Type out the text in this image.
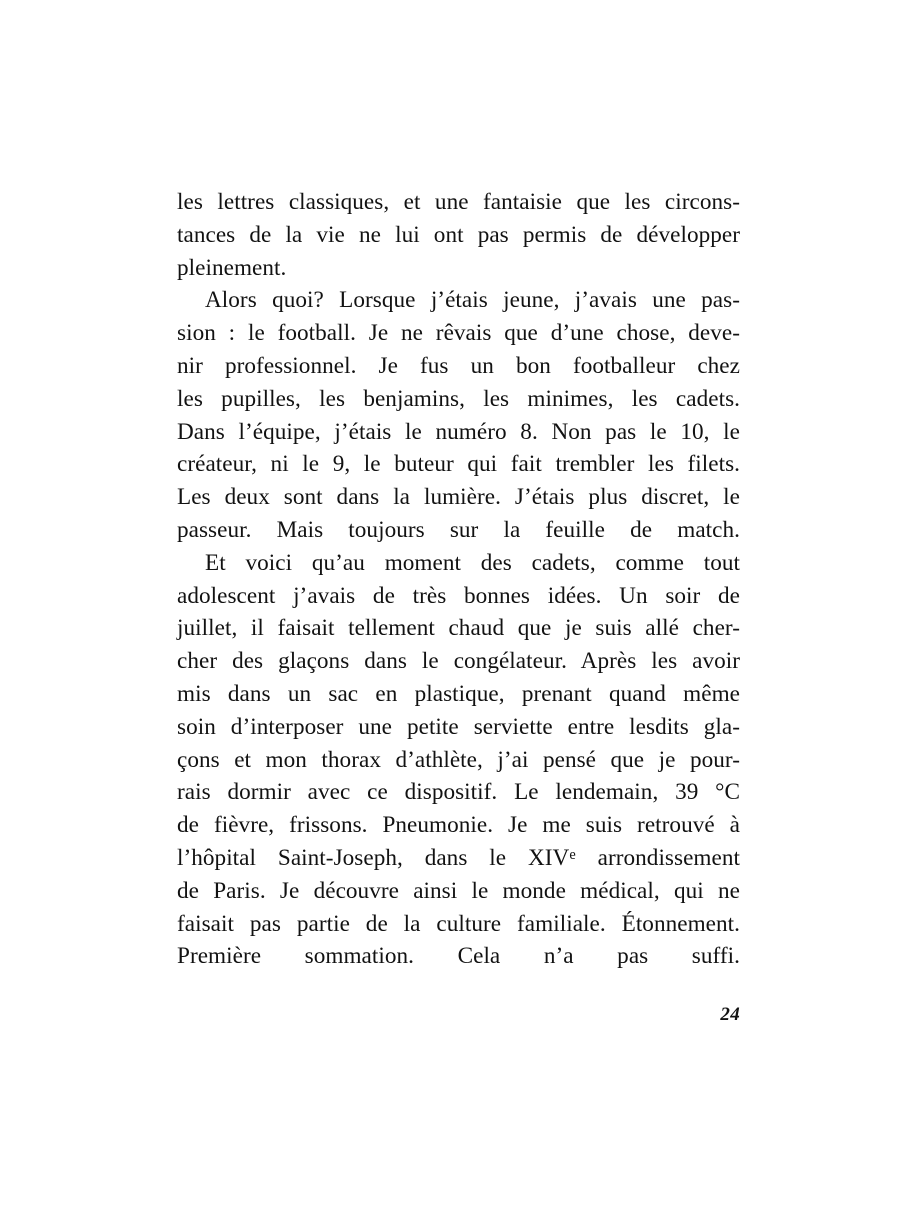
les lettres classiques, et une fantaisie que les circons-
tances de la vie ne lui ont pas permis de développer
pleinement.
Alors quoi? Lorsque j’étais jeune, j’avais une pas-
sion : le football. Je ne rêvais que d’une chose, deve-
nir professionnel. Je fus un bon footballeur chez
les pupilles, les benjamins, les minimes, les cadets.
Dans l’équipe, j’étais le numéro 8. Non pas le 10, le
créateur, ni le 9, le buteur qui fait trembler les filets.
Les deux sont dans la lumière. J’étais plus discret, le
passeur. Mais toujours sur la feuille de match.
Et voici qu’au moment des cadets, comme tout
adolescent j’avais de très bonnes idées. Un soir de
juillet, il faisait tellement chaud que je suis allé cher-
cher des glaçons dans le congélateur. Après les avoir
mis dans un sac en plastique, prenant quand même
soin d’interposer une petite serviette entre lesdits gla-
çons et mon thorax d’athlète, j’ai pensé que je pour-
rais dormir avec ce dispositif. Le lendemain, 39 °C
de fièvre, frissons. Pneumonie. Je me suis retrouvé à
l’hôpital Saint-Joseph, dans le XIVe arrondissement
de Paris. Je découvre ainsi le monde médical, qui ne
faisait pas partie de la culture familiale. Étonnement.
Première sommation. Cela n’a pas suffi.
24
